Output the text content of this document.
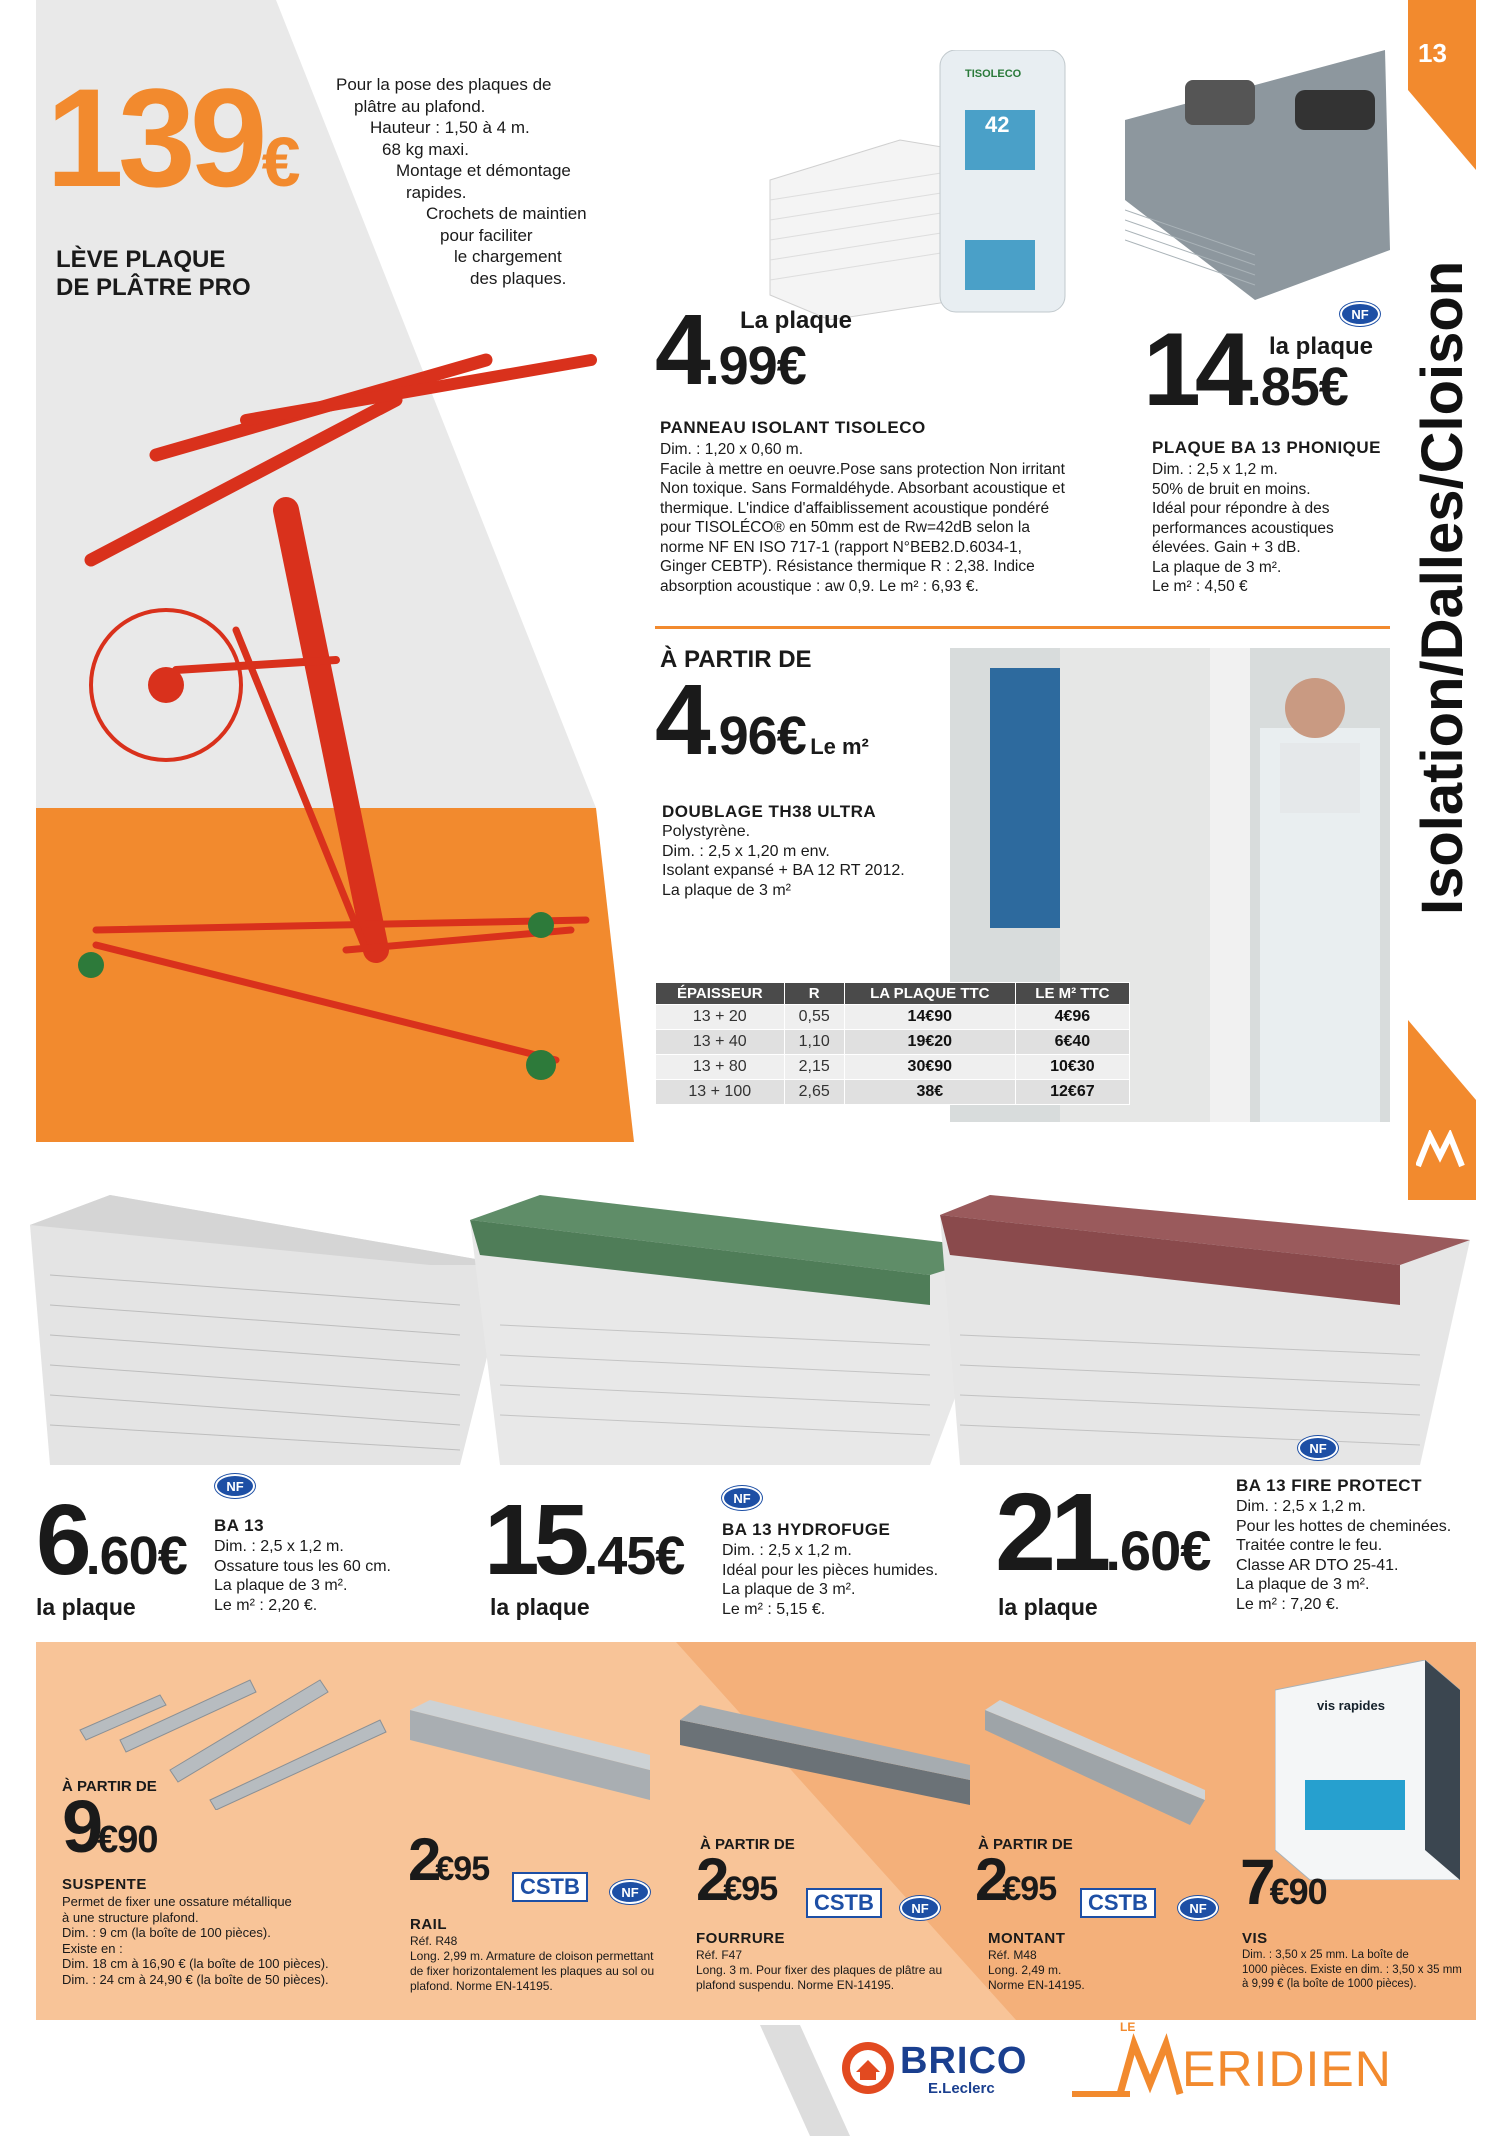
139€
LÈVE PLAQUE
DE PLÂTRE PRO
Pour la pose des plaques de
plâtre au plafond.
Hauteur : 1,50 à 4 m.
68 kg maxi.
Montage et démontage
rapides.
Crochets de maintien
pour faciliter
le chargement
des plaques.
13
Isolation/Dalles/Cloison
TISOLECO
42
La plaque
4.99€
PANNEAU ISOLANT TISOLECO
Dim. : 1,20 x 0,60 m.
Facile à mettre en oeuvre.Pose sans protection Non irritant
Non toxique. Sans Formaldéhyde. Absorbant acoustique et
thermique. L'indice d'affaiblissement acoustique pondéré
pour TISOLÉCO® en 50mm est de Rw=42dB selon la
norme NF EN ISO 717-1 (rapport N°BEB2.D.6034-1,
Ginger CEBTP). Résistance thermique R : 2,38. Indice
absorption acoustique : aw 0,9. Le m² : 6,93 €.
NF
la plaque
14.85€
PLAQUE BA 13 PHONIQUE
Dim. : 2,5 x 1,2 m.
50% de bruit en moins.
Idéal pour répondre à des
performances acoustiques
élevées. Gain + 3 dB.
La plaque de 3 m².
Le m² : 4,50 €
À PARTIR DE
4.96€ Le m²
DOUBLAGE TH38 ULTRA
Polystyrène.
Dim. : 2,5 x 1,20 m env.
Isolant expansé + BA 12 RT 2012.
La plaque de 3 m²
ÉPAISSEUR	R	LA PLAQUE TTC	LE M² TTC
13 + 20	0,55	14€90	4€96
13 + 40	1,10	19€20	6€40
13 + 80	2,15	30€90	10€30
13 + 100	2,65	38€	12€67
NF
6.60€
la plaque
BA 13
Dim. : 2,5 x 1,2 m.
Ossature tous les 60 cm.
La plaque de 3 m².
Le m² : 2,20 €.
NF
15.45€
la plaque
BA 13 HYDROFUGE
Dim. : 2,5 x 1,2 m.
Idéal pour les pièces humides.
La plaque de 3 m².
Le m² : 5,15 €.
NF
21.60€
la plaque
BA 13 FIRE PROTECT
Dim. : 2,5 x 1,2 m.
Pour les hottes de cheminées.
Traitée contre le feu.
Classe AR DTO 25-41.
La plaque de 3 m².
Le m² : 7,20 €.
vis rapides
À PARTIR DE
9€90
SUSPENTE
Permet de fixer une ossature métallique
à une structure plafond.
Dim. : 9 cm (la boîte de 100 pièces).
Existe en :
Dim. 18 cm à 16,90 € (la boîte de 100 pièces).
Dim. : 24 cm à 24,90 € (la boîte de 50 pièces).
2€95	CSTB	NF
RAIL
Réf. R48
Long. 2,99 m. Armature de cloison permettant
de fixer horizontalement les plaques au sol ou
plafond. Norme EN-14195.
À PARTIR DE
2€95	CSTB	NF
FOURRURE
Réf. F47
Long. 3 m. Pour fixer des plaques de plâtre au
plafond suspendu. Norme EN-14195.
À PARTIR DE
2€95	CSTB	NF
MONTANT
Réf. M48
Long. 2,49 m.
Norme EN-14195.
7€90
VIS
Dim. : 3,50 x 25 mm. La boîte de
1000 pièces. Existe en dim. : 3,50 x 35 mm
à 9,99 € (la boîte de 1000 pièces).
BRICO
E.Leclerc
LE
ERIDIEN
